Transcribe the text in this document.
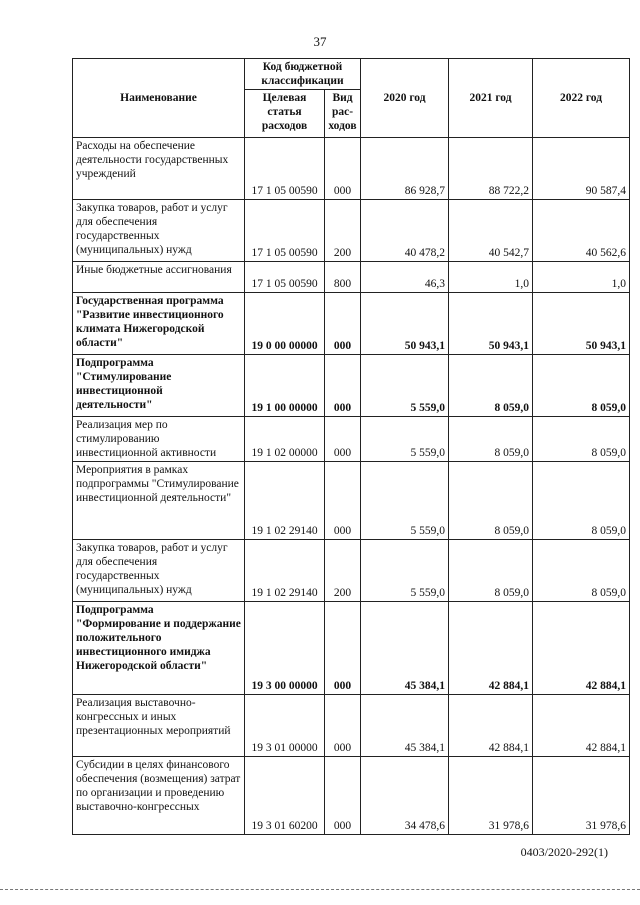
37
Наименование	Код бюджетной классификации		2020 год	2021 год	2022 год
	Целевая статья расходов	Вид рас-ходов			
Расходы на обеспечение деятельности государственных учреждений	17 1 05 00590	000	86 928,7	88 722,2	90 587,4
Закупка товаров, работ и услуг для обеспечения государственных (муниципальных) нужд	17 1 05 00590	200	40 478,2	40 542,7	40 562,6
Иные бюджетные ассигнования	17 1 05 00590	800	46,3	1,0	1,0
Государственная программа "Развитие инвестиционного климата Нижегородской области"	19 0 00 00000	000	50 943,1	50 943,1	50 943,1
Подпрограмма "Стимулирование инвестиционной деятельности"	19 1 00 00000	000	5 559,0	8 059,0	8 059,0
Реализация мер по стимулированию инвестиционной активности	19 1 02 00000	000	5 559,0	8 059,0	8 059,0
Мероприятия в рамках подпрограммы "Стимулирование инвестиционной деятельности"	19 1 02 29140	000	5 559,0	8 059,0	8 059,0
Закупка товаров, работ и услуг для обеспечения государственных (муниципальных) нужд	19 1 02 29140	200	5 559,0	8 059,0	8 059,0
Подпрограмма "Формирование и поддержание положительного инвестиционного имиджа Нижегородской области"	19 3 00 00000	000	45 384,1	42 884,1	42 884,1
Реализация выставочно-конгрессных и иных презентационных мероприятий	19 3 01 00000	000	45 384,1	42 884,1	42 884,1
Субсидии в целях финансового обеспечения (возмещения) затрат по организации и проведению выставочно-конгрессных	19 3 01 60200	000	34 478,6	31 978,6	31 978,6
0403/2020-292(1)
